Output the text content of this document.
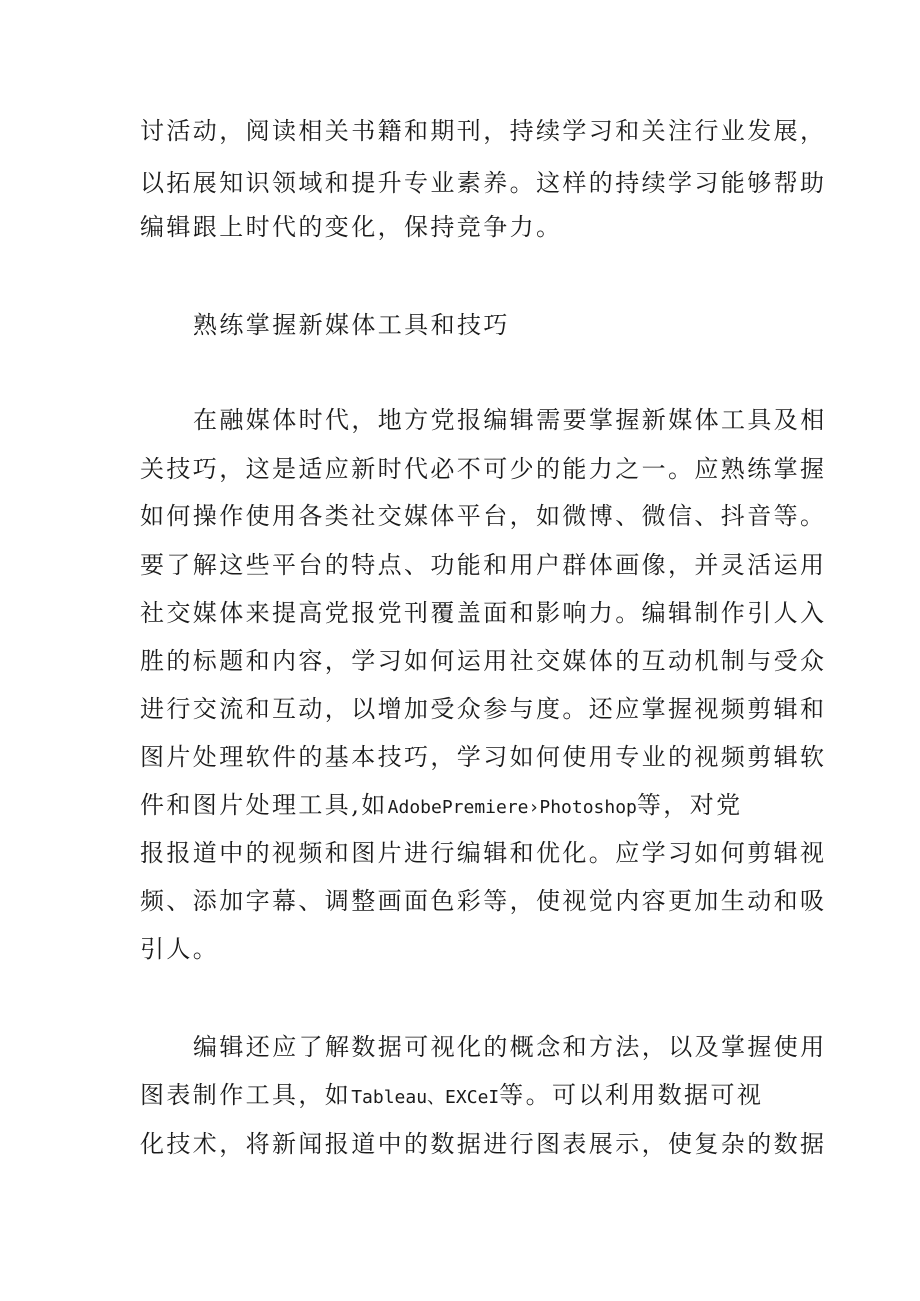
讨活动，阅读相关书籍和期刊，持续学习和关注行业发展，
以拓展知识领域和提升专业素养。这样的持续学习能够帮助
编辑跟上时代的变化，保持竞争力。
熟练掌握新媒体工具和技巧
在融媒体时代，地方党报编辑需要掌握新媒体工具及相
关技巧，这是适应新时代必不可少的能力之一。应熟练掌握
如何操作使用各类社交媒体平台，如微博、微信、抖音等。
要了解这些平台的特点、功能和用户群体画像，并灵活运用
社交媒体来提高党报党刊覆盖面和影响力。编辑制作引人入
胜的标题和内容，学习如何运用社交媒体的互动机制与受众
进行交流和互动，以增加受众参与度。还应掌握视频剪辑和
图片处理软件的基本技巧，学习如何使用专业的视频剪辑软
件和图片处理工具,如AdobePremiere›Photoshop等，对党
报报道中的视频和图片进行编辑和优化。应学习如何剪辑视
频、添加字幕、调整画面色彩等，使视觉内容更加生动和吸
引人。
编辑还应了解数据可视化的概念和方法，以及掌握使用
图表制作工具，如Tableau、EXCeI等。可以利用数据可视
化技术，将新闻报道中的数据进行图表展示，使复杂的数据
